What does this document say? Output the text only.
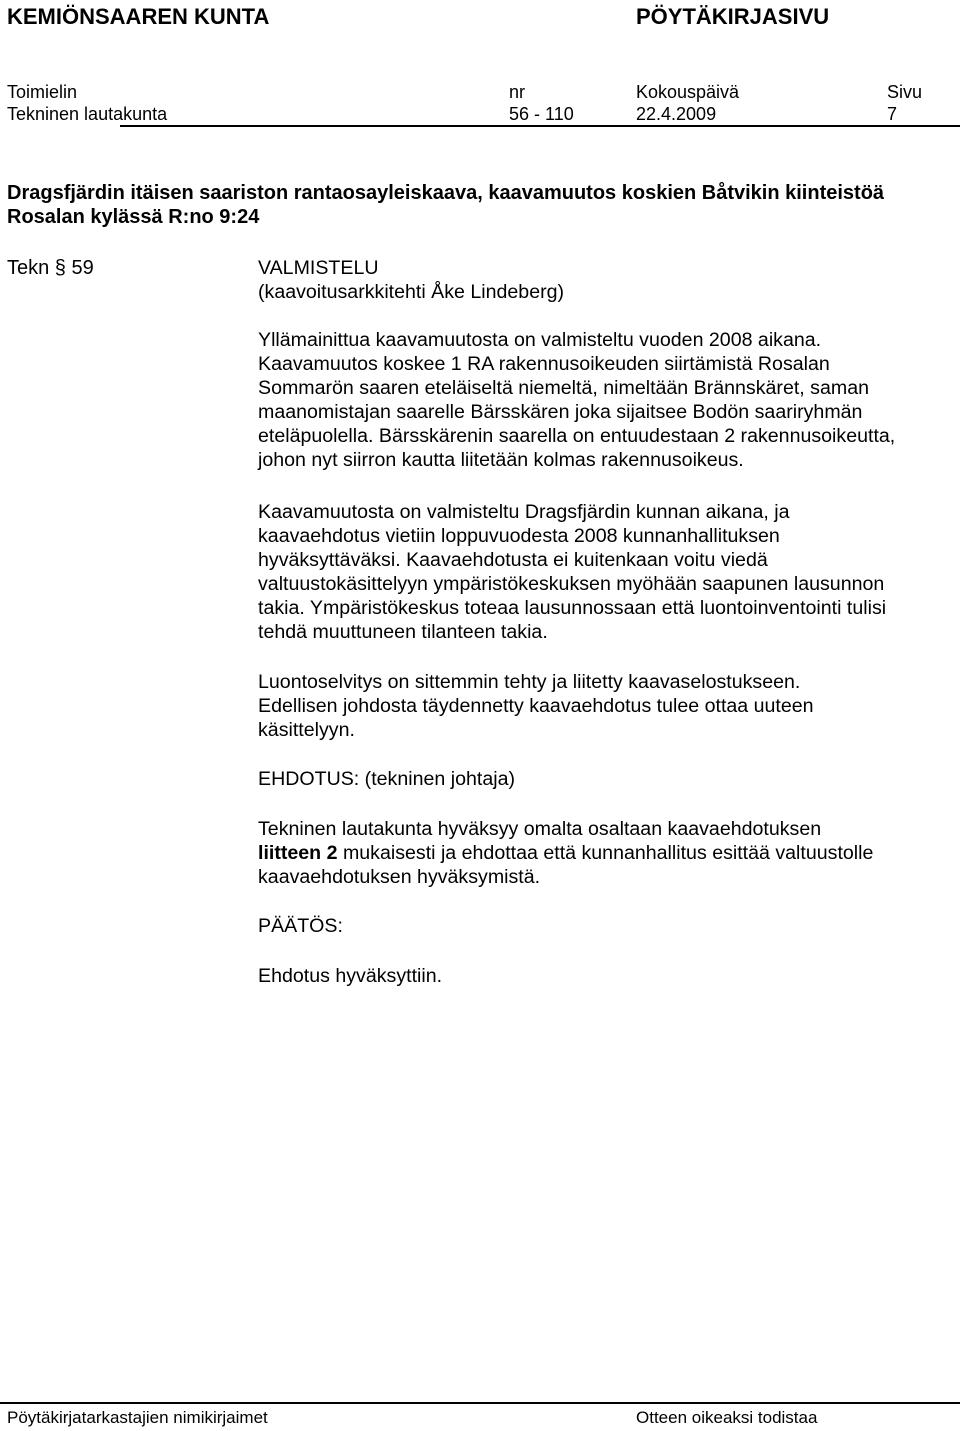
KEMIÖNSAAREN KUNTA	PÖYTÄKIRJASIVU
Toimielin	nr	Kokouspäivä	Sivu
Tekninen lautakunta	56 - 110	22.4.2009	7
Dragsfjärdin itäisen saariston rantaosayleiskaava, kaavamuutos koskien Båtvikin kiinteistöä
Rosalan kylässä R:no 9:24
Tekn § 59	VALMISTELU

(kaavoitusarkkitehti Åke Lindeberg)

Yllämainittua kaavamuutosta on valmisteltu vuoden 2008 aikana.

Kaavamuutos koskee 1 RA rakennusoikeuden siirtämistä Rosalan

Sommarön saaren eteläiseltä niemeltä, nimeltään Brännskäret, saman

maanomistajan saarelle Bärsskären joka sijaitsee Bodön saariryhmän

eteläpuolella. Bärsskärenin saarella on entuudestaan 2 rakennusoikeutta,

johon nyt siirron kautta liitetään kolmas rakennusoikeus.

Kaavamuutosta on valmisteltu Dragsfjärdin kunnan aikana, ja

kaavaehdotus vietiin loppuvuodesta 2008 kunnanhallituksen

hyväksyttäväksi. Kaavaehdotusta ei kuitenkaan voitu viedä

valtuustokäsittelyyn ympäristökeskuksen myöhään saapunen lausunnon

takia. Ympäristökeskus toteaa lausunnossaan että luontoinventointi tulisi

tehdä muuttuneen tilanteen takia.

Luontoselvitys on sittemmin tehty ja liitetty kaavaselostukseen.

Edellisen johdosta täydennetty kaavaehdotus tulee ottaa uuteen

käsittelyyn.

EHDOTUS: (tekninen johtaja)

Tekninen lautakunta hyväksyy omalta osaltaan kaavaehdotuksen

liitteen 2 mukaisesti ja ehdottaa että kunnanhallitus esittää valtuustolle

kaavaehdotuksen hyväksymistä.

PÄÄTÖS:

Ehdotus hyväksyttiin.

Pöytäkirjatarkastajien nimikirjaimet	Otteen oikeaksi todistaa
